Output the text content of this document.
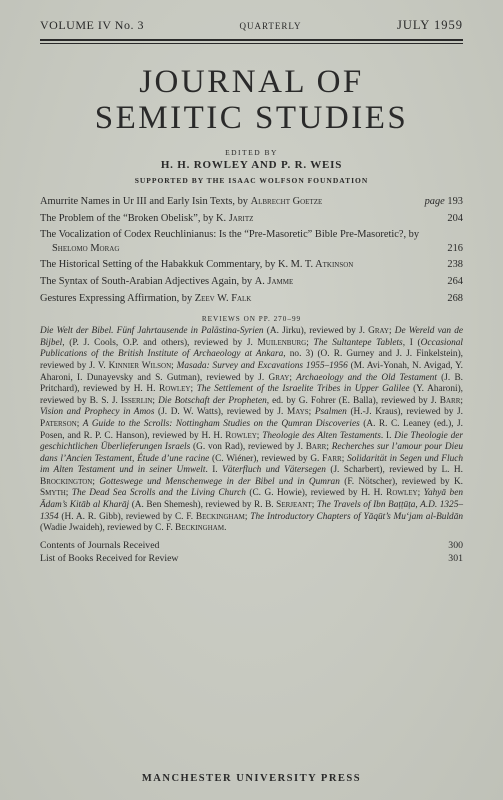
VOLUME IV No. 3	QUARTERLY	JULY 1959
JOURNAL OF
SEMITIC STUDIES
EDITED BY
H. H. ROWLEY AND P. R. WEIS
SUPPORTED BY THE ISAAC WOLFSON FOUNDATION
Amurrite Names in Ur III and Early Isin Texts, by Albrecht Goetze	page 193
The Problem of the “Broken Obelisk”, by K. Jaritz	204
The Vocalization of Codex Reuchlinianus: Is the “Pre-Masoretic” Bible Pre-Masoretic?, by Shelomo Morag	216
The Historical Setting of the Habakkuk Commentary, by K. M. T. Atkinson	238
The Syntax of South-Arabian Adjectives Again, by A. Jamme	264
Gestures Expressing Affirmation, by Zeev W. Falk	268
REVIEWS ON PP. 270–99
Die Welt der Bibel. Fünf Jahrtausende in Palästina-Syrien (A. Jirku), reviewed by J. Gray; De Wereld van de Bijbel, (P. J. Cools, O.P. and others), reviewed by J. Muilenburg; The Sultantepe Tablets, I (Occasional Publications of the British Institute of Archaeology at Ankara, no. 3) (O. R. Gurney and J. J. Finkelstein), reviewed by J. V. Kinnier Wilson; Masada: Survey and Excavations 1955–1956 (M. Avi-Yonah, N. Avigad, Y. Aharoni, I. Dunayevsky and S. Gutman), reviewed by J. Gray; Archaeology and the Old Testament (J. B. Pritchard), reviewed by H. H. Rowley; The Settlement of the Israelite Tribes in Upper Galilee (Y. Aharoni), reviewed by B. S. J. Isserlin; Die Botschaft der Propheten, ed. by G. Fohrer (E. Balla), reviewed by J. Barr; Vision and Prophecy in Amos (J. D. W. Watts), reviewed by J. Mays; Psalmen (H.-J. Kraus), reviewed by J. Paterson; A Guide to the Scrolls: Nottingham Studies on the Qumran Discoveries (A. R. C. Leaney (ed.), J. Posen, and R. P. C. Hanson), reviewed by H. H. Rowley; Theologie des Alten Testaments. I. Die Theologie der geschichtlichen Überlieferungen Israels (G. von Rad), reviewed by J. Barr; Recherches sur l’amour pour Dieu dans l’Ancien Testament, Étude d’une racine (C. Wiéner), reviewed by G. Farr; Solidarität in Segen und Fluch im Alten Testament und in seiner Umwelt. I. Väterfluch und Vätersegen (J. Scharbert), reviewed by L. H. Brockington; Gotteswege und Menschenwege in der Bibel und in Qumran (F. Nötscher), reviewed by K. Smyth; The Dead Sea Scrolls and the Living Church (C. G. Howie), reviewed by H. H. Rowley; Yahyā ben Ādam’s Kitāb al Kharāj (A. Ben Shemesh), reviewed by R. B. Serjeant; The Travels of Ibn Baṭṭūṭa, A.D. 1325–1354 (H. A. R. Gibb), reviewed by C. F. Beckingham; The Introductory Chapters of Yāqūt’s Mu‘jam al-Buldān (Wadie Jwaideh), reviewed by C. F. Beckingham.
Contents of Journals Received	300
List of Books Received for Review	301
MANCHESTER UNIVERSITY PRESS
